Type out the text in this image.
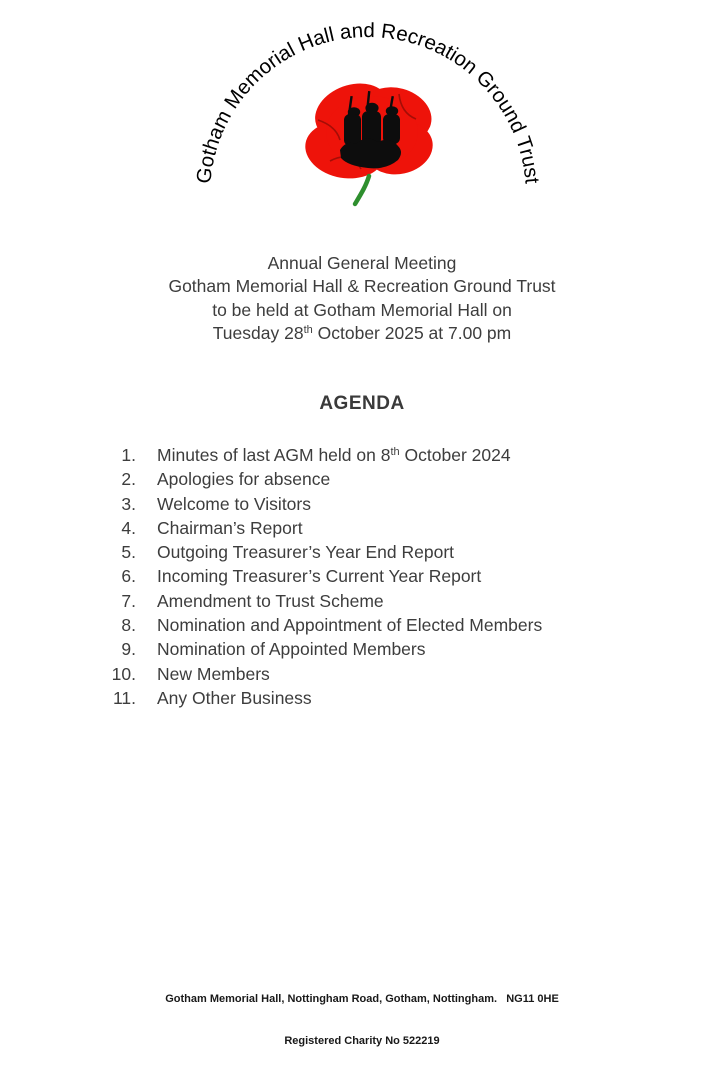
Gotham Memorial Hall and Recreation Ground Trust
Annual General Meeting
Gotham Memorial Hall & Recreation Ground Trust
to be held at Gotham Memorial Hall on
Tuesday 28th October 2025 at 7.00 pm
AGENDA
1. Minutes of last AGM held on 8th October 2024
2. Apologies for absence
3. Welcome to Visitors
4. Chairman’s Report
5. Outgoing Treasurer’s Year End Report
6. Incoming Treasurer’s Current Year Report
7. Amendment to Trust Scheme
8. Nomination and Appointment of Elected Members
9. Nomination of Appointed Members
10. New Members
11. Any Other Business

Gotham Memorial Hall, Nottingham Road, Gotham, Nottingham.   NG11 0HE

Registered Charity No 522219
